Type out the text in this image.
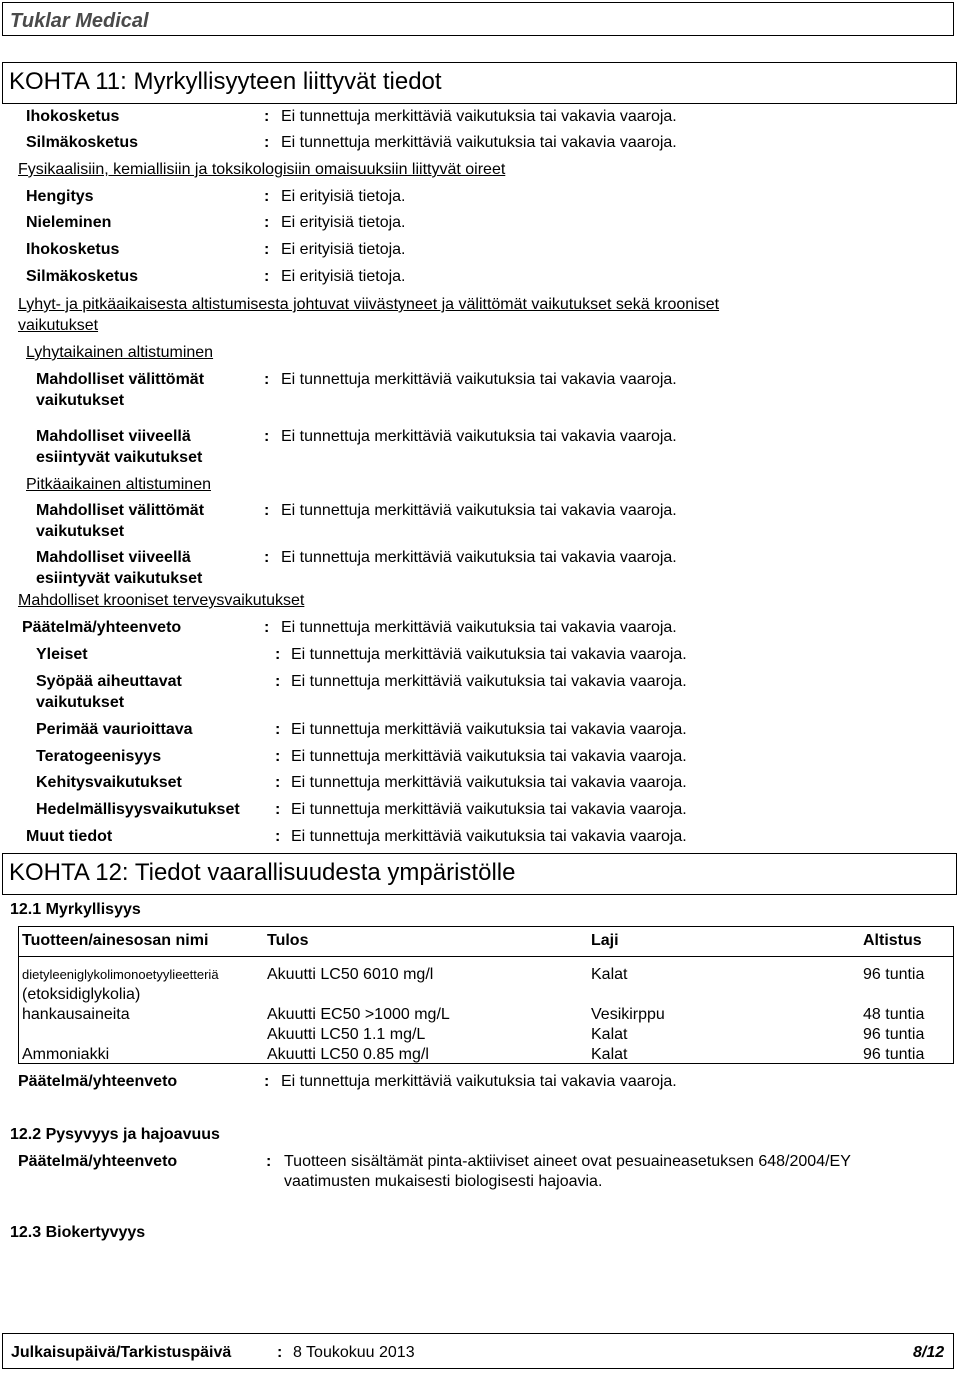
Tuklar Medical
KOHTA 11: Myrkyllisyyteen liittyvät tiedot
Ihokosketus	: Ei tunnettuja merkittäviä vaikutuksia tai vakavia vaaroja.
Silmäkosketus	: Ei tunnettuja merkittäviä vaikutuksia tai vakavia vaaroja.
Fysikaalisiin, kemiallisiin ja toksikologisiin omaisuuksiin liittyvät oireet
Hengitys	: Ei erityisiä tietoja.
Nieleminen	: Ei erityisiä tietoja.
Ihokosketus	: Ei erityisiä tietoja.
Silmäkosketus	: Ei erityisiä tietoja.
Lyhyt- ja pitkäaikaisesta altistumisesta johtuvat viivästyneet ja välittömät vaikutukset sekä krooniset
vaikutukset
Lyhytaikainen altistuminen
Mahdolliset välittömät
vaikutukset
: Ei tunnettuja merkittäviä vaikutuksia tai vakavia vaaroja.
Mahdolliset viiveellä
esiintyvät vaikutukset
: Ei tunnettuja merkittäviä vaikutuksia tai vakavia vaaroja.
Pitkäaikainen altistuminen
Mahdolliset välittömät
vaikutukset
: Ei tunnettuja merkittäviä vaikutuksia tai vakavia vaaroja.
Mahdolliset viiveellä
esiintyvät vaikutukset
: Ei tunnettuja merkittäviä vaikutuksia tai vakavia vaaroja.
Mahdolliset krooniset terveysvaikutukset
Päätelmä/yhteenveto	: Ei tunnettuja merkittäviä vaikutuksia tai vakavia vaaroja.
Yleiset	: Ei tunnettuja merkittäviä vaikutuksia tai vakavia vaaroja.
Syöpää aiheuttavat
vaikutukset
: Ei tunnettuja merkittäviä vaikutuksia tai vakavia vaaroja.
Perimää vaurioittava	: Ei tunnettuja merkittäviä vaikutuksia tai vakavia vaaroja.
Teratogeenisyys	: Ei tunnettuja merkittäviä vaikutuksia tai vakavia vaaroja.
Kehitysvaikutukset	: Ei tunnettuja merkittäviä vaikutuksia tai vakavia vaaroja.
Hedelmällisyysvaikutukset : Ei tunnettuja merkittäviä vaikutuksia tai vakavia vaaroja.
Muut tiedot	: Ei tunnettuja merkittäviä vaikutuksia tai vakavia vaaroja.
KOHTA 12: Tiedot vaarallisuudesta ympäristölle
12.1 Myrkyllisyys
Tuotteen/ainesosan nimi	Tulos	Laji	Altistus

dietyleeniglykolimonoetyylieetteriä
(etoksidiglykolia)	Akuutti LC50 6010 mg/l	Kalat	96 tuntia
hankausaineita	Akuutti EC50 >1000 mg/L	Vesikirppu	48 tuntia
	Akuutti LC50 1.1 mg/L	Kalat	96 tuntia
Ammoniakki	Akuutti LC50 0.85 mg/l	Kalat	96 tuntia
Päätelmä/yhteenveto	: Ei tunnettuja merkittäviä vaikutuksia tai vakavia vaaroja.
12.2 Pysyvyys ja hajoavuus
Päätelmä/yhteenveto	: Tuotteen sisältämät pinta-aktiiviset aineet ovat pesuaineasetuksen 648/2004/EY
vaatimusten mukaisesti biologisesti hajoavia.
12.3 Biokertyvyys
Julkaisupäivä/Tarkistuspäivä	: 8 Toukokuu 2013	8/12
